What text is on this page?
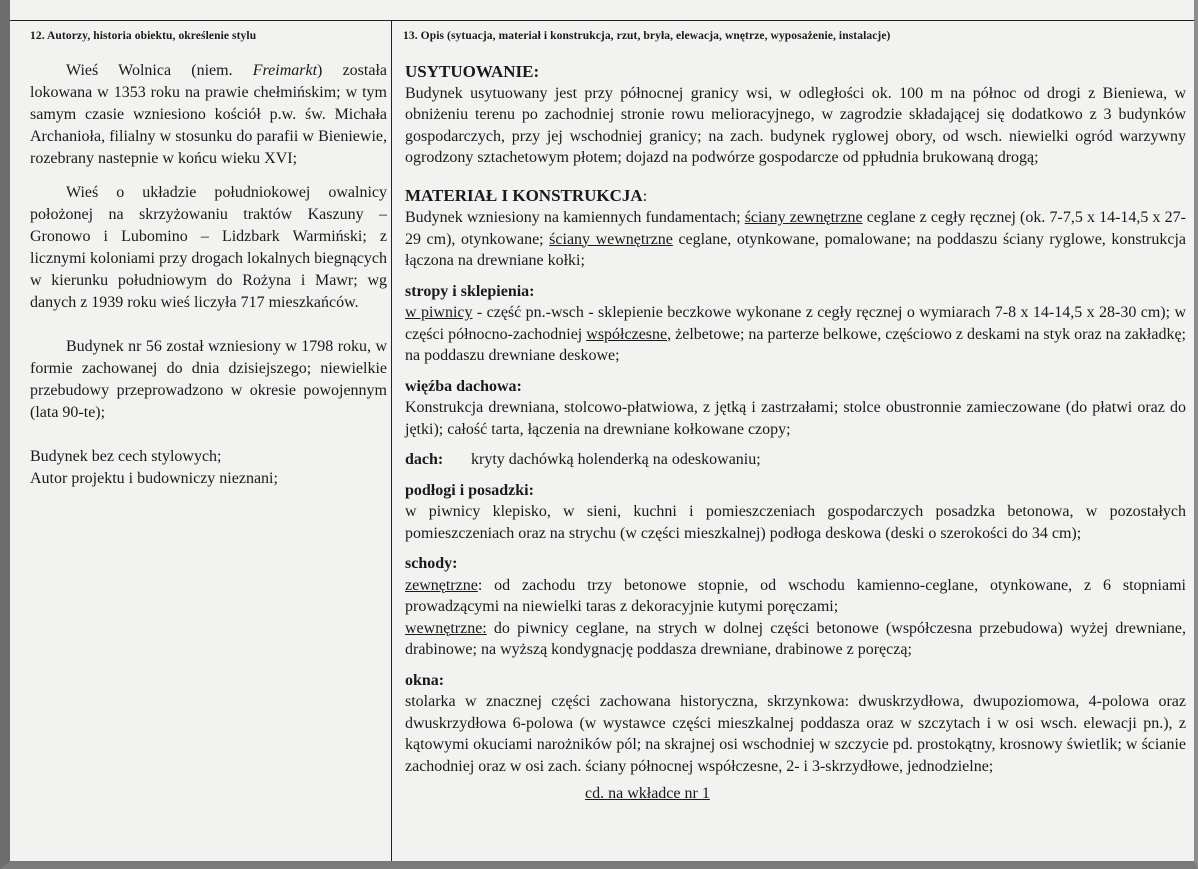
12. Autorzy, historia obiektu, określenie stylu	13. Opis (sytuacja, materiał i konstrukcja, rzut, bryła, elewacja, wnętrze, wyposażenie, instalacje)

Wieś Wolnica (niem. Freimarkt) została lokowana w 1353 roku na prawie chełmińskim; w tym samym czasie wzniesiono kościół p.w. św. Michała Archanioła, filialny w stosunku do parafii w Bieniewie, rozebrany nastepnie w końcu wieku XVI;

Wieś o układzie południokowej owalnicy położonej na skrzyżowaniu traktów Kaszuny – Gronowo i Lubomino – Lidzbark Warmiński; z licznymi koloniami przy drogach lokalnych biegnących w kierunku południowym do Rożyna i Mawr; wg danych z 1939 roku wieś liczyła 717 mieszkańców.

Budynek nr 56 został wzniesiony w 1798 roku, w formie zachowanej do dnia dzisiejszego; niewielkie przebudowy przeprowadzono w okresie powojennym (lata 90-te);

Budynek bez cech stylowych;

Autor projektu i budowniczy nieznani;

USYTUOWANIE:

Budynek usytuowany jest przy północnej granicy wsi, w odległości ok. 100 m na północ od drogi z Bieniewa, w obniżeniu terenu po zachodniej stronie rowu melioracyjnego, w zagrodzie składającej się dodatkowo z 3 budynków gospodarczych, przy jej wschodniej granicy; na zach. budynek ryglowej obory, od wsch. niewielki ogród warzywny ogrodzony sztachetowym płotem; dojazd na podwórze gospodarcze od ppłudnia brukowaną drogą;

MATERIAŁ I KONSTRUKCJA:

Budynek wzniesiony na kamiennych fundamentach; ściany zewnętrzne ceglane z cegły ręcznej (ok. 7-7,5 x 14-14,5 x 27-29 cm), otynkowane; ściany wewnętrzne ceglane, otynkowane, pomalowane; na poddaszu ściany ryglowe, konstrukcja łączona na drewniane kołki;

stropy i sklepienia:

w piwnicy - część pn.-wsch - sklepienie beczkowe wykonane z cegły ręcznej o wymiarach 7-8 x 14-14,5 x 28-30 cm); w części północno-zachodniej współczesne, żelbetowe; na parterze belkowe, częściowo z deskami na styk oraz na zakładkę; na poddaszu drewniane deskowe;

więźba dachowa:

Konstrukcja drewniana, stolcowo-płatwiowa, z jętką i zastrzałami; stolce obustronnie zamieczowane (do płatwi oraz do jętki); całość tarta, łączenia na drewniane kołkowane czopy;

dach: kryty dachówką holenderką na odeskowaniu;

podłogi i posadzki:

w piwnicy klepisko, w sieni, kuchni i pomieszczeniach gospodarczych posadzka betonowa, w pozostałych pomieszczeniach oraz na strychu (w części mieszkalnej) podłoga deskowa (deski o szerokości do 34 cm);

schody:

zewnętrzne: od zachodu trzy betonowe stopnie, od wschodu kamienno-ceglane, otynkowane, z 6 stopniami prowadzącymi na niewielki taras z dekoracyjnie kutymi poręczami;

wewnętrzne: do piwnicy ceglane, na strych w dolnej części betonowe (współczesna przebudowa) wyżej drewniane, drabinowe; na wyższą kondygnację poddasza drewniane, drabinowe z poręczą;

okna:

stolarka w znacznej części zachowana historyczna, skrzynkowa: dwuskrzydłowa, dwupoziomowa, 4-polowa oraz dwuskrzydłowa 6-polowa (w wystawce części mieszkalnej poddasza oraz w szczytach i w osi wsch. elewacji pn.), z kątowymi okuciami narożników pól; na skrajnej osi wschodniej w szczycie pd. prostokątny, krosnowy świetlik; w ścianie zachodniej oraz w osi zach. ściany północnej współczesne, 2- i 3-skrzydłowe, jednodzielne;

cd. na wkładce nr 1
